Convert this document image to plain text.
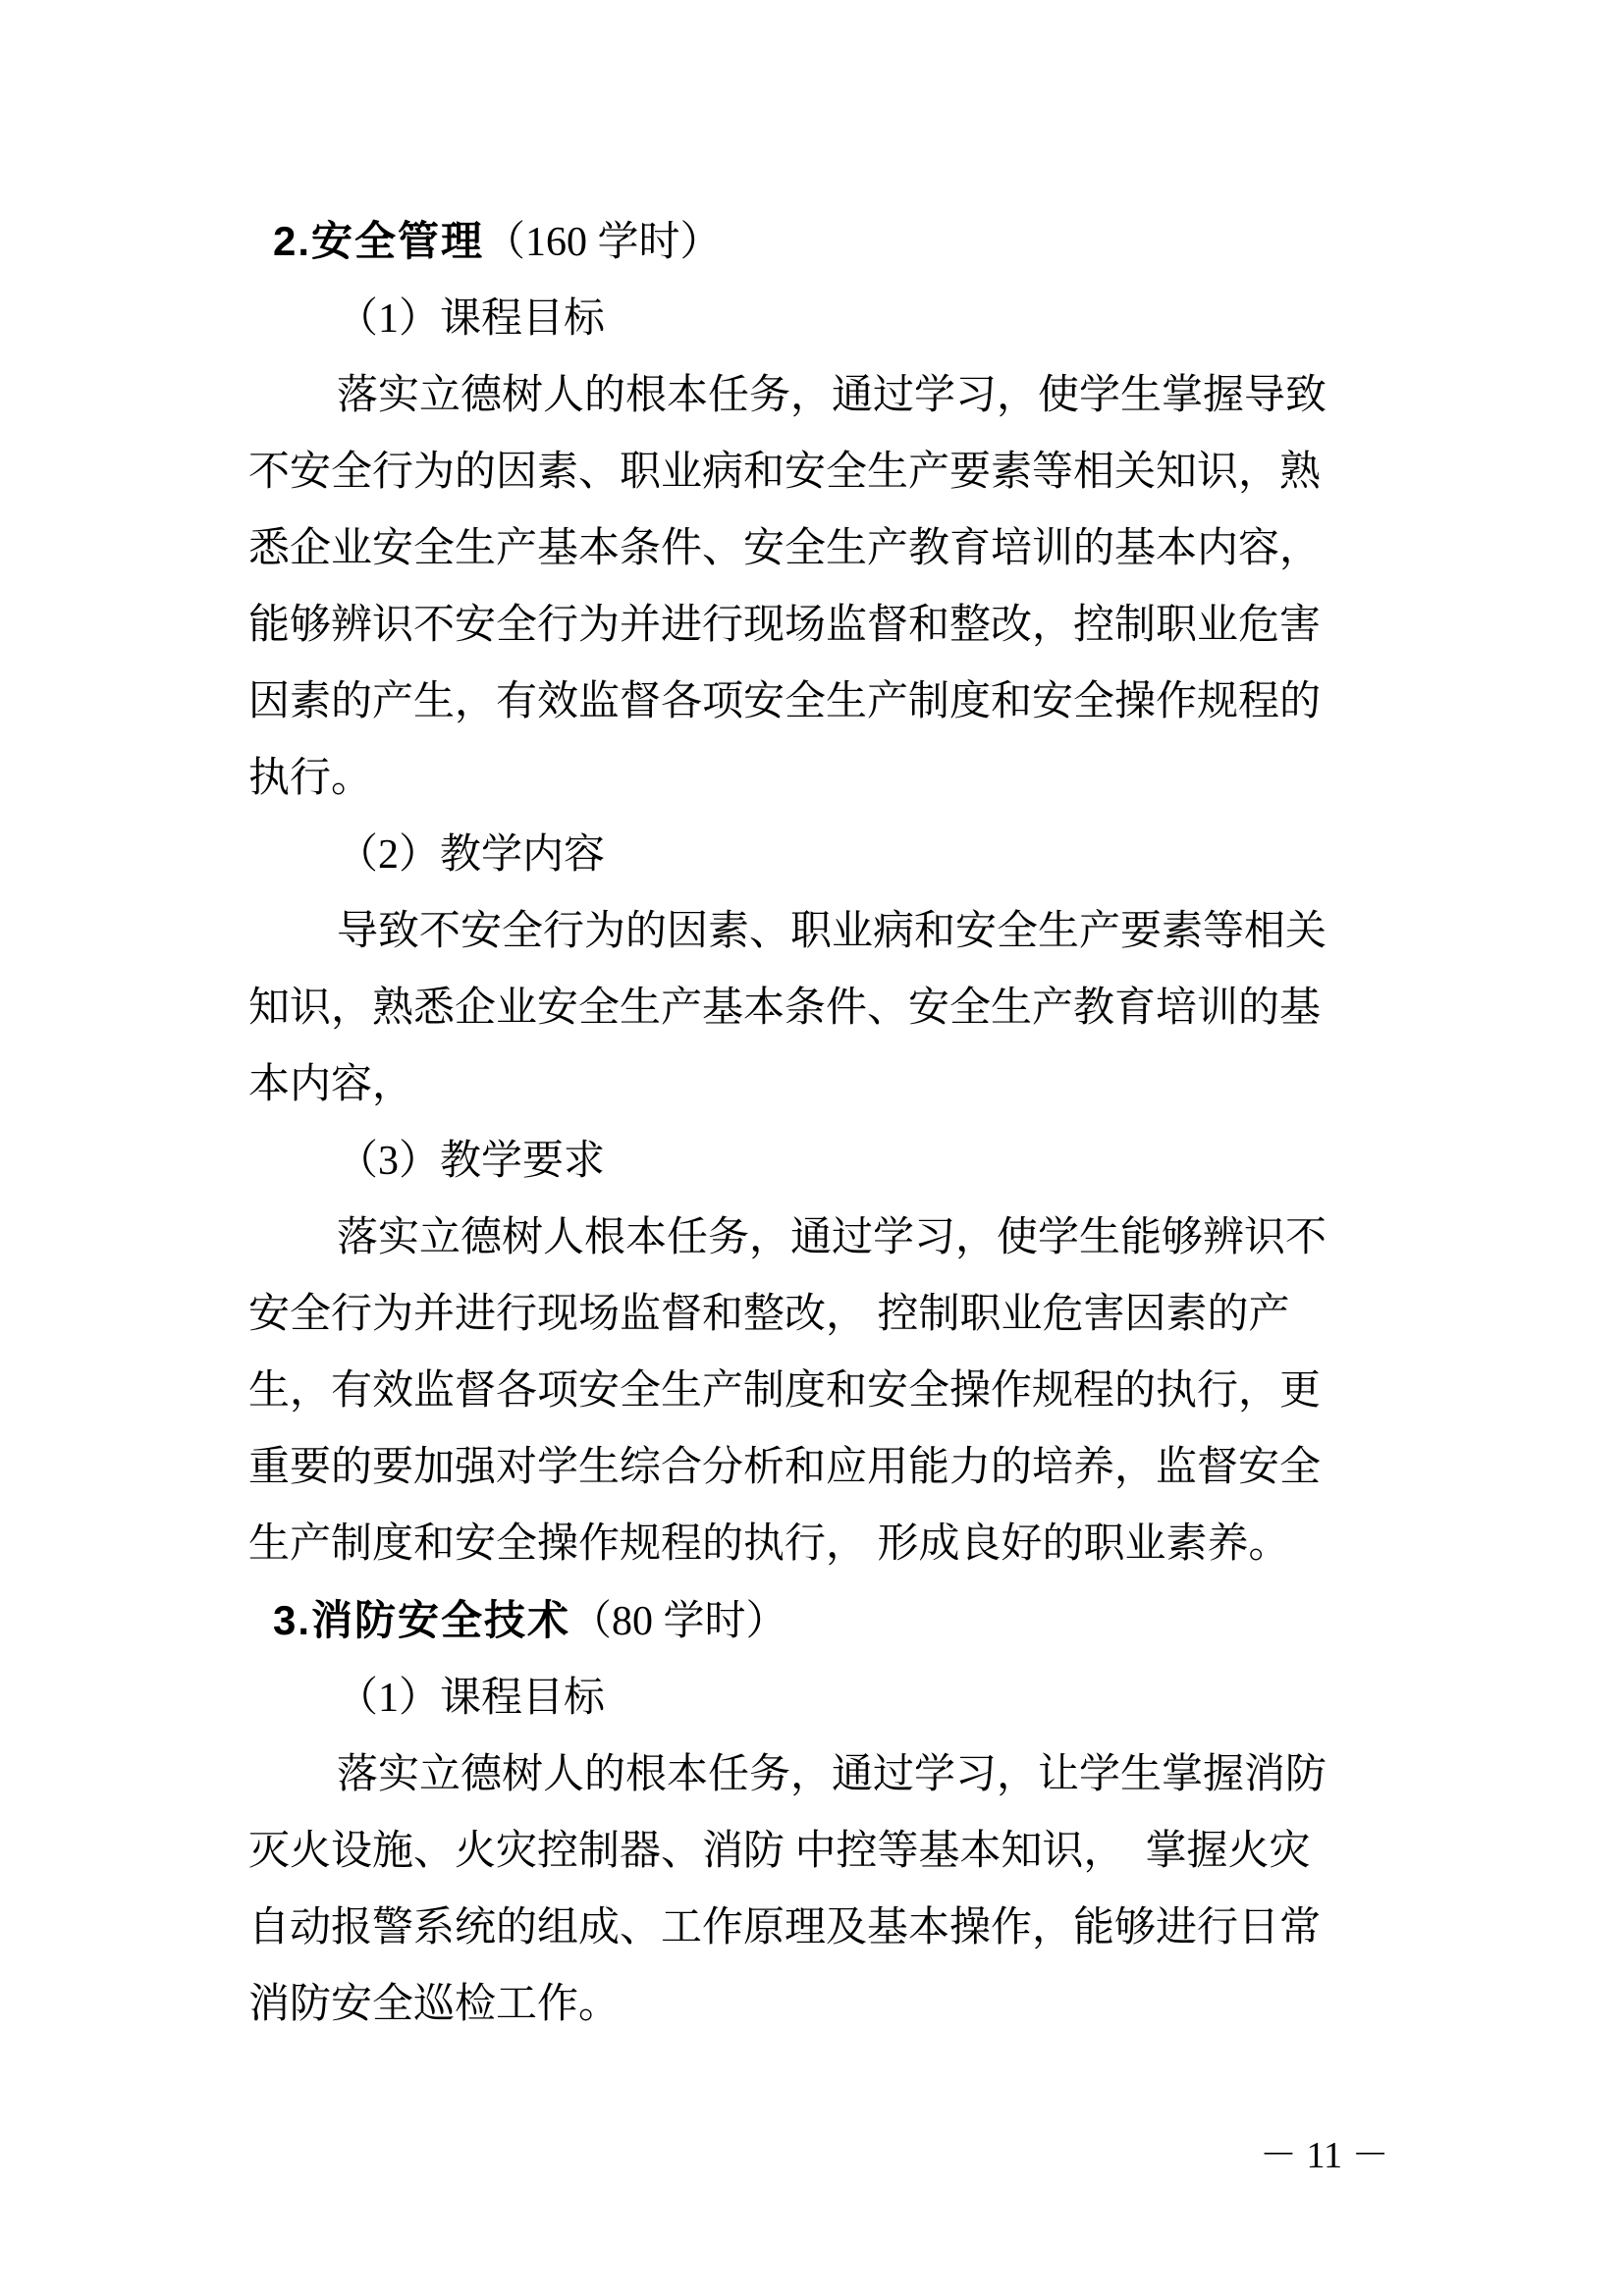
2.安全管理（160 学时）
（1）课程目标
落实立德树人的根本任务，通过学习，使学生掌握导致
不安全行为的因素、职业病和安全生产要素等相关知识，熟
悉企业安全生产基本条件、安全生产教育培训的基本内容，
能够辨识不安全行为并进行现场监督和整改，控制职业危害
因素的产生，有效监督各项安全生产制度和安全操作规程的
执行。
（2）教学内容
导致不安全行为的因素、职业病和安全生产要素等相关
知识，熟悉企业安全生产基本条件、安全生产教育培训的基
本内容，
（3）教学要求
落实立德树人根本任务，通过学习，使学生能够辨识不
安全行为并进行现场监督和整改， 控制职业危害因素的产
生，有效监督各项安全生产制度和安全操作规程的执行，更
重要的要加强对学生综合分析和应用能力的培养，监督安全
生产制度和安全操作规程的执行， 形成良好的职业素养。
3.消防安全技术（80 学时）
（1）课程目标
落实立德树人的根本任务，通过学习，让学生掌握消防
灭火设施、火灾控制器、消防 中控等基本知识，　掌握火灾
自动报警系统的组成、工作原理及基本操作，能够进行日常
消防安全巡检工作。
－ 11 －
